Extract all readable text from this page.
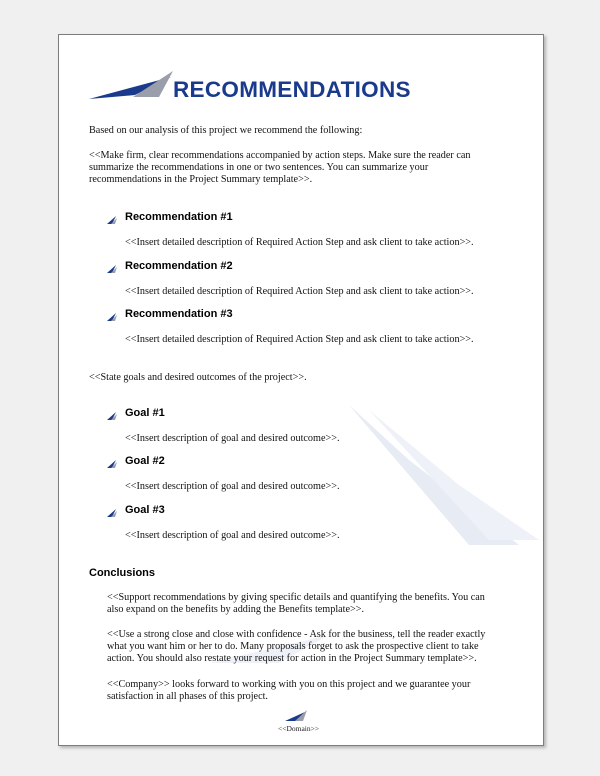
RECOMMENDATIONS
Based on our analysis of this project we recommend the following:
<<Make firm, clear recommendations accompanied by action steps. Make sure the reader can
summarize the recommendations in one or two sentences. You can summarize your
recommendations in the Project Summary template>>.
Recommendation #1
<<Insert detailed description of Required Action Step and ask client to take action>>.
Recommendation #2
<<Insert detailed description of Required Action Step and ask client to take action>>.
Recommendation #3
<<Insert detailed description of Required Action Step and ask client to take action>>.
<<State goals and desired outcomes of the project>>.
Goal #1
<<Insert description of goal and desired outcome>>.
Goal #2
<<Insert description of goal and desired outcome>>.
Goal #3
<<Insert description of goal and desired outcome>>.
Conclusions
<<Support recommendations by giving specific details and quantifying the benefits. You can
also expand on the benefits by adding the Benefits template>>.
<<Use a strong close and close with confidence - Ask for the business, tell the reader exactly
what you want him or her to do. Many proposals forget to ask the prospective client to take
action. You should also restate your request for action in the Project Summary template>>.
<<Company>> looks forward to working with you on this project and we guarantee your
satisfaction in all phases of this project.
<<Domain>>
